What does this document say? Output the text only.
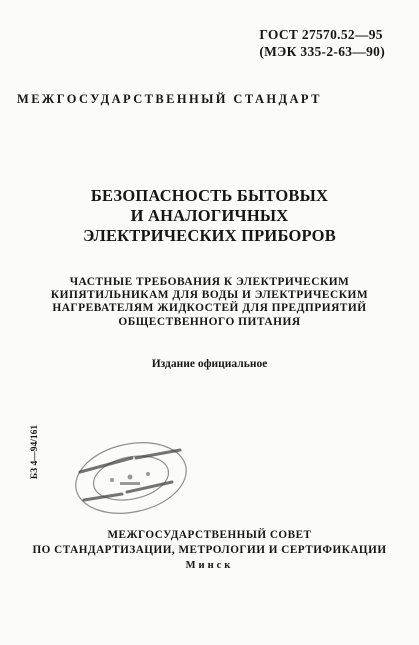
ГОСТ 27570.52—95
(МЭК 335-2-63—90)
МЕЖГОСУДАРСТВЕННЫЙ СТАНДАРТ
БЕЗОПАСНОСТЬ БЫТОВЫХ
И АНАЛОГИЧНЫХ
ЭЛЕКТРИЧЕСКИХ ПРИБОРОВ
ЧАСТНЫЕ ТРЕБОВАНИЯ К ЭЛЕКТРИЧЕСКИМ
КИПЯТИЛЬНИКАМ ДЛЯ ВОДЫ И ЭЛЕКТРИЧЕСКИМ
НАГРЕВАТЕЛЯМ ЖИДКОСТЕЙ ДЛЯ ПРЕДПРИЯТИЙ
ОБЩЕСТВЕННОГО ПИТАНИЯ
Издание официальное
БЗ 4—94/161
МЕЖГОСУДАРСТВЕННЫЙ СОВЕТ
ПО СТАНДАРТИЗАЦИИ, МЕТРОЛОГИИ И СЕРТИФИКАЦИИ
Минск
